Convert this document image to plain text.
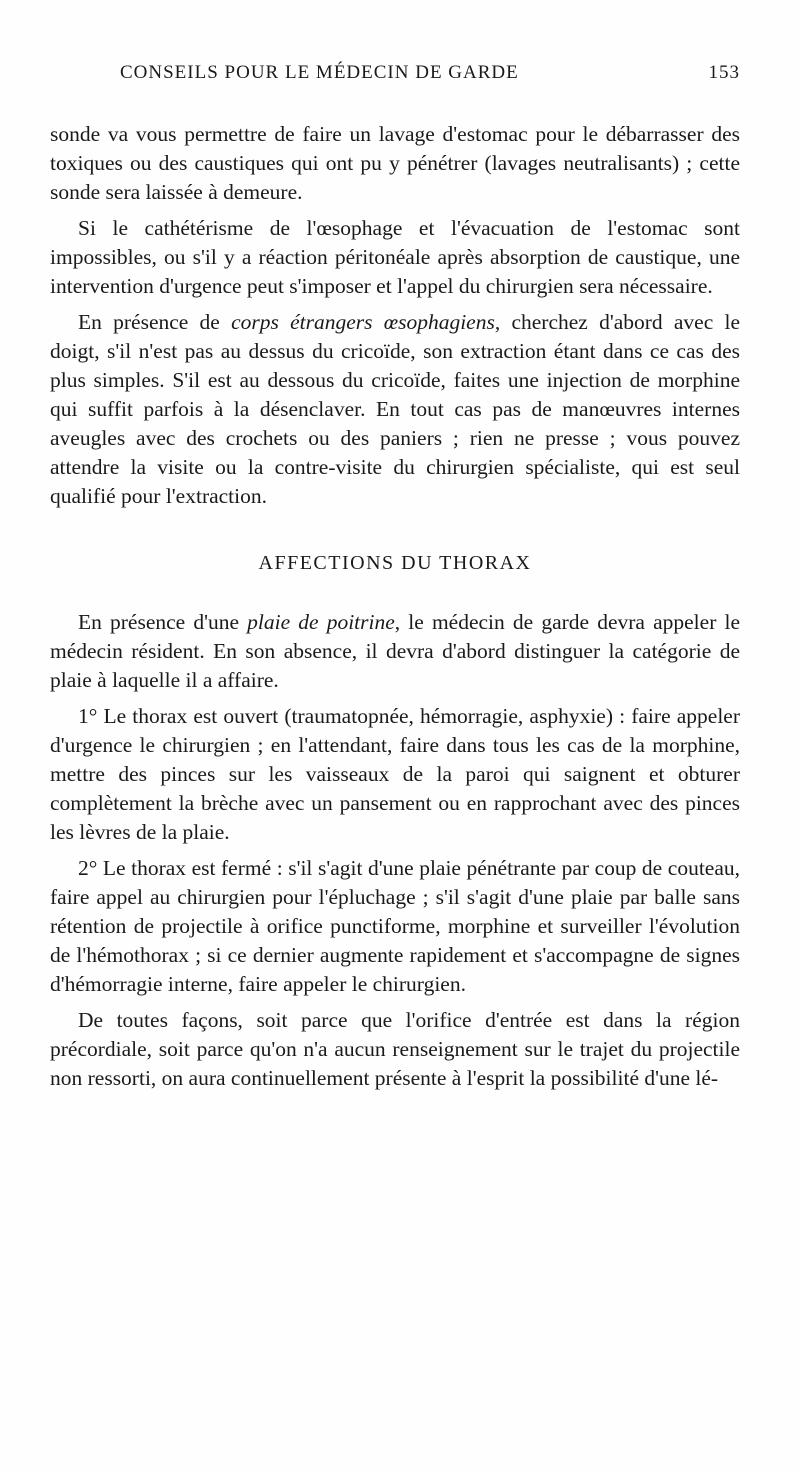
CONSEILS POUR LE MÉDECIN DE GARDE	153

sonde va vous permettre de faire un lavage d'estomac pour le débarrasser des toxiques ou des caustiques qui ont pu y pénétrer (lavages neutralisants) ; cette sonde sera laissée à demeure.

Si le cathétérisme de l'œsophage et l'évacuation de l'estomac sont impossibles, ou s'il y a réaction péritonéale après absorption de caustique, une intervention d'urgence peut s'imposer et l'appel du chirurgien sera nécessaire.

En présence de corps étrangers œsophagiens, cherchez d'abord avec le doigt, s'il n'est pas au dessus du cricoïde, son extraction étant dans ce cas des plus simples. S'il est au dessous du cricoïde, faites une injection de morphine qui suffit parfois à la désenclaver. En tout cas pas de manœuvres internes aveugles avec des crochets ou des paniers ; rien ne presse ; vous pouvez attendre la visite ou la contre-visite du chirurgien spécialiste, qui est seul qualifié pour l'extraction.

AFFECTIONS DU THORAX

En présence d'une plaie de poitrine, le médecin de garde devra appeler le médecin résident. En son absence, il devra d'abord distinguer la catégorie de plaie à laquelle il a affaire.

1° Le thorax est ouvert (traumatopnée, hémorragie, asphyxie) : faire appeler d'urgence le chirurgien ; en l'attendant, faire dans tous les cas de la morphine, mettre des pinces sur les vaisseaux de la paroi qui saignent et obturer complètement la brèche avec un pansement ou en rapprochant avec des pinces les lèvres de la plaie.

2° Le thorax est fermé : s'il s'agit d'une plaie pénétrante par coup de couteau, faire appel au chirurgien pour l'épluchage ; s'il s'agit d'une plaie par balle sans rétention de projectile à orifice punctiforme, morphine et surveiller l'évolution de l'hémothorax ; si ce dernier augmente rapidement et s'accompagne de signes d'hémorragie interne, faire appeler le chirurgien.

De toutes façons, soit parce que l'orifice d'entrée est dans la région précordiale, soit parce qu'on n'a aucun renseignement sur le trajet du projectile non ressorti, on aura continuellement présente à l'esprit la possibilité d'une lé-
